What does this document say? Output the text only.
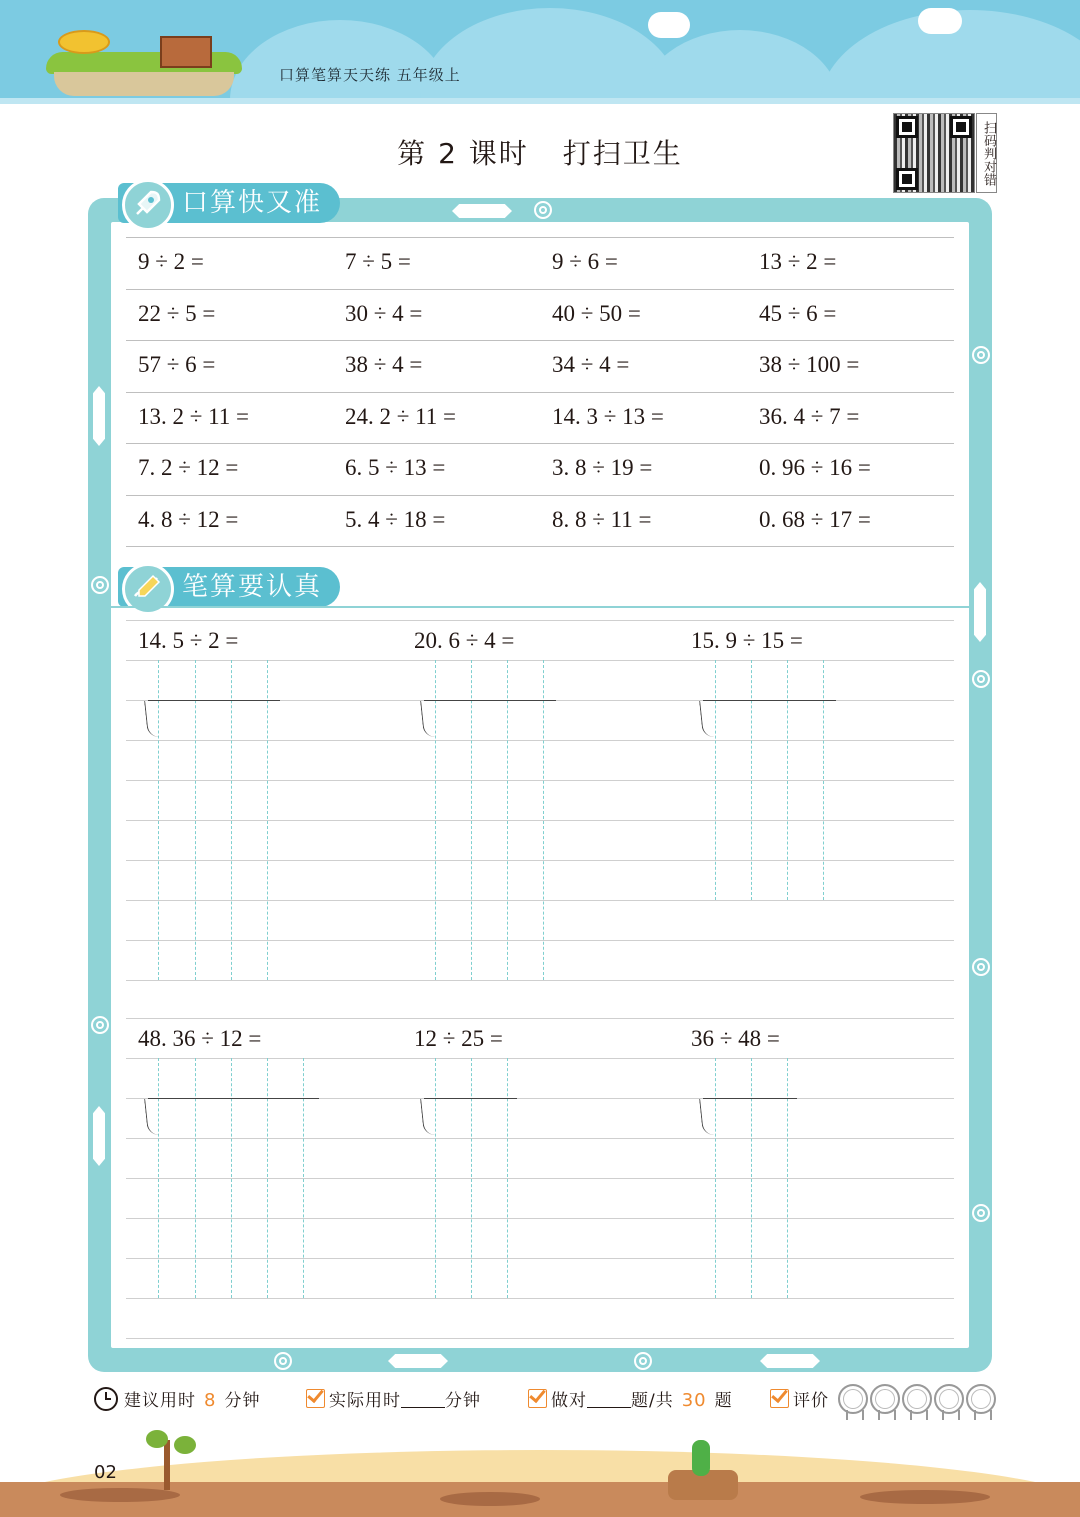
口算笔算天天练 五年级上
第 2 课时 打扫卫生	扫码判对错
口算快又准
9 ÷ 2 =	7 ÷ 5 =	9 ÷ 6 =	13 ÷ 2 =
22 ÷ 5 =	30 ÷ 4 =	40 ÷ 50 =	45 ÷ 6 =
57 ÷ 6 =	38 ÷ 4 =	34 ÷ 4 =	38 ÷ 100 =
13. 2 ÷ 11 =	24. 2 ÷ 11 =	14. 3 ÷ 13 =	36. 4 ÷ 7 =
7. 2 ÷ 12 =	6. 5 ÷ 13 =	3. 8 ÷ 19 =	0. 96 ÷ 16 =
4. 8 ÷ 12 =	5. 4 ÷ 18 =	8. 8 ÷ 11 =	0. 68 ÷ 17 =
笔算要认真
14. 5 ÷ 2 =	20. 6 ÷ 4 =	15. 9 ÷ 15 =
48. 36 ÷ 12 =	12 ÷ 25 =	36 ÷ 48 =
建议用时 8 分钟	实际用时	分钟	做对	题/共 30 题	评价
02
